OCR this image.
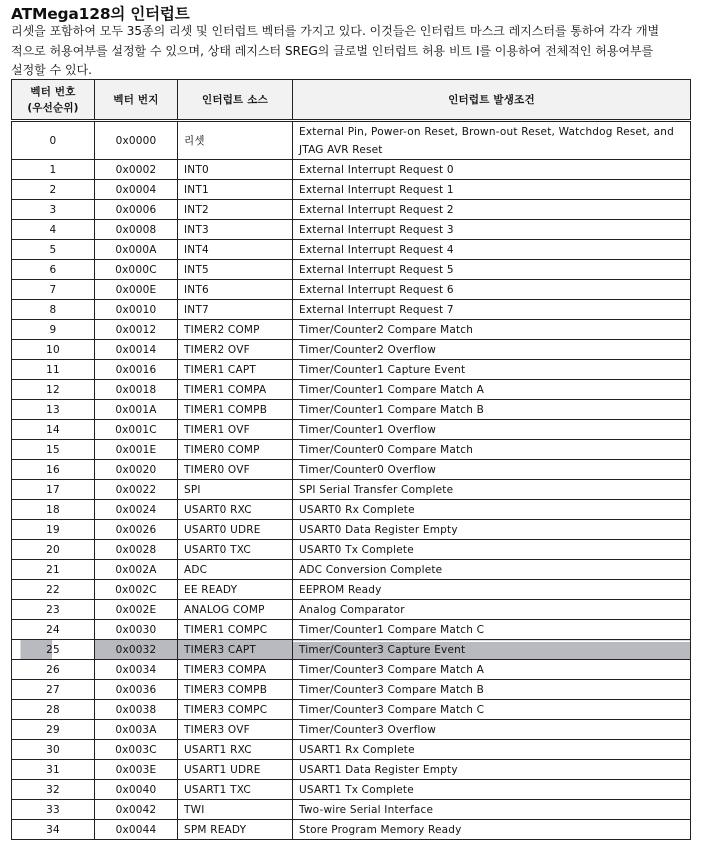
ATMega128의 인터럽트
리셋을 포함하여 모두 35종의 리셋 및 인터럽트 벡터를 가지고 있다. 이것들은 인터럽트 마스크 레지스터를 통하여 각각 개별
적으로 허용여부를 설정할 수 있으며, 상태 레지스터 SREG의 글로벌 인터럽트 허용 비트 I를 이용하여 전체적인 허용여부를
설정할 수 있다.
벡터 번호
(우선순위)	벡터 번지	인터럽트 소스	인터럽트 발생조건
0	0x0000	리셋	External Pin, Power-on Reset, Brown-out Reset, Watchdog Reset, and JTAG AVR Reset
1	0x0002	INT0	External Interrupt Request 0
2	0x0004	INT1	External Interrupt Request 1
3	0x0006	INT2	External Interrupt Request 2
4	0x0008	INT3	External Interrupt Request 3
5	0x000A	INT4	External Interrupt Request 4
6	0x000C	INT5	External Interrupt Request 5
7	0x000E	INT6	External Interrupt Request 6
8	0x0010	INT7	External Interrupt Request 7
9	0x0012	TIMER2 COMP	Timer/Counter2 Compare Match
10	0x0014	TIMER2 OVF	Timer/Counter2 Overflow
11	0x0016	TIMER1 CAPT	Timer/Counter1 Capture Event
12	0x0018	TIMER1 COMPA	Timer/Counter1 Compare Match A
13	0x001A	TIMER1 COMPB	Timer/Counter1 Compare Match B
14	0x001C	TIMER1 OVF	Timer/Counter1 Overflow
15	0x001E	TIMER0 COMP	Timer/Counter0 Compare Match
16	0x0020	TIMER0 OVF	Timer/Counter0 Overflow
17	0x0022	SPI	SPI Serial Transfer Complete
18	0x0024	USART0 RXC	USART0 Rx Complete
19	0x0026	USART0 UDRE	USART0 Data Register Empty
20	0x0028	USART0 TXC	USART0 Tx Complete
21	0x002A	ADC	ADC Conversion Complete
22	0x002C	EE READY	EEPROM Ready
23	0x002E	ANALOG COMP	Analog Comparator
24	0x0030	TIMER1 COMPC	Timer/Counter1 Compare Match C
25	0x0032	TIMER3 CAPT	Timer/Counter3 Capture Event
26	0x0034	TIMER3 COMPA	Timer/Counter3 Compare Match A
27	0x0036	TIMER3 COMPB	Timer/Counter3 Compare Match B
28	0x0038	TIMER3 COMPC	Timer/Counter3 Compare Match C
29	0x003A	TIMER3 OVF	Timer/Counter3 Overflow
30	0x003C	USART1 RXC	USART1 Rx Complete
31	0x003E	USART1 UDRE	USART1 Data Register Empty
32	0x0040	USART1 TXC	USART1 Tx Complete
33	0x0042	TWI	Two-wire Serial Interface
34	0x0044	SPM READY	Store Program Memory Ready
